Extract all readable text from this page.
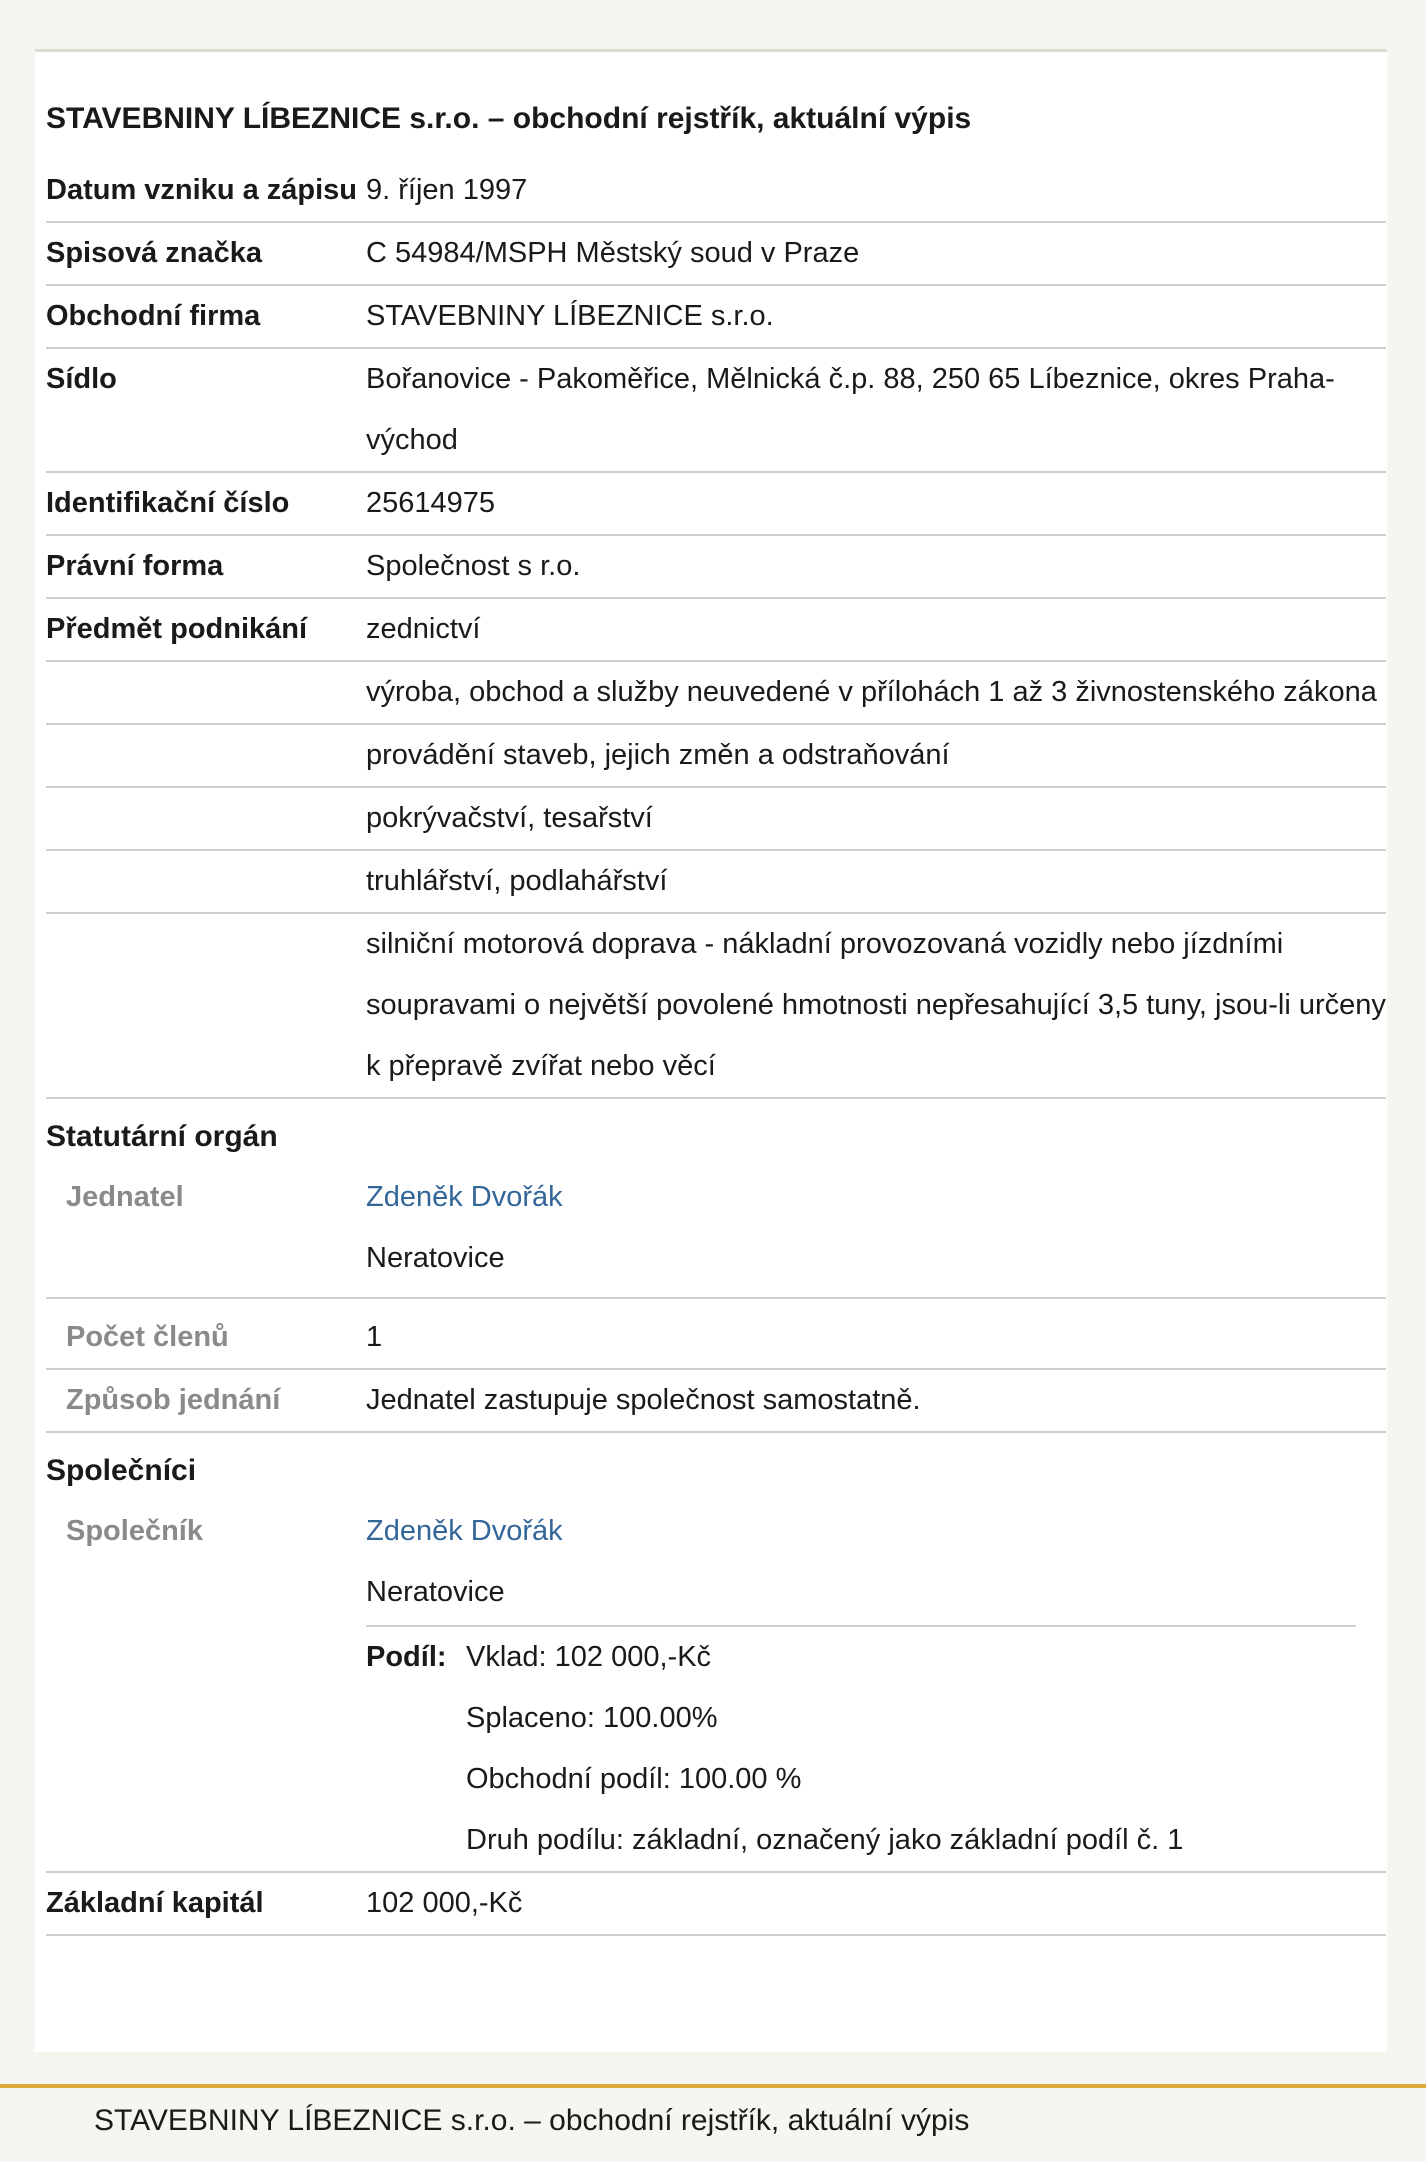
STAVEBNINY LÍBEZNICE s.r.o. – obchodní rejstřík, aktuální výpis
Datum vzniku a zápisu 9. říjen 1997
Spisová značka	C 54984/MSPH Městský soud v Praze
Obchodní firma	STAVEBNINY LÍBEZNICE s.r.o.
Sídlo	Bořanovice - Pakoměřice, Mělnická č.p. 88, 250 65 Líbeznice, okres Praha-východ
Identifikační číslo	25614975
Právní forma	Společnost s r.o.
Předmět podnikání	zednictví
výroba, obchod a služby neuvedené v přílohách 1 až 3 živnostenského zákona
provádění staveb, jejich změn a odstraňování
pokrývačství, tesařství
truhlářství, podlahářství
silniční motorová doprava - nákladní provozovaná vozidly nebo jízdními soupravami o největší povolené hmotnosti nepřesahující 3,5 tuny, jsou-li určeny k přepravě zvířat nebo věcí
Statutární orgán
Jednatel	Zdeněk Dvořák
Neratovice
Počet členů	1
Způsob jednání	Jednatel zastupuje společnost samostatně.
Společníci
Společník	Zdeněk Dvořák
Neratovice
Podíl: Vklad: 102 000,-Kč
Splaceno: 100.00%
Obchodní podíl: 100.00 %
Druh podílu: základní, označený jako základní podíl č. 1
Základní kapitál	102 000,-Kč
STAVEBNINY LÍBEZNICE s.r.o. – obchodní rejstřík, aktuální výpis
